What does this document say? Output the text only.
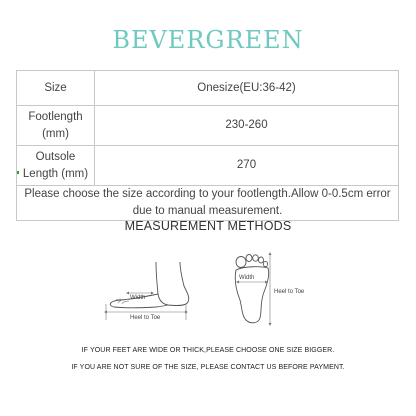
BEVERGREEN
Size	Onesize(EU:36-42)
Footlength (mm)	230-260
Outsole Length (mm)	270
Please choose the size according to your footlength.Allow 0-0.5cm error due to manual measurement.	
MEASUREMENT METHODS
Width
Heel to Toe
Width
Heel to Toe
IF YOUR FEET ARE WIDE OR THICK,PLEASE CHOOSE ONE SIZE BIGGER.
IF YOU ARE NOT SURE OF THE SIZE, PLEASE CONTACT US BEFORE PAYMENT.
